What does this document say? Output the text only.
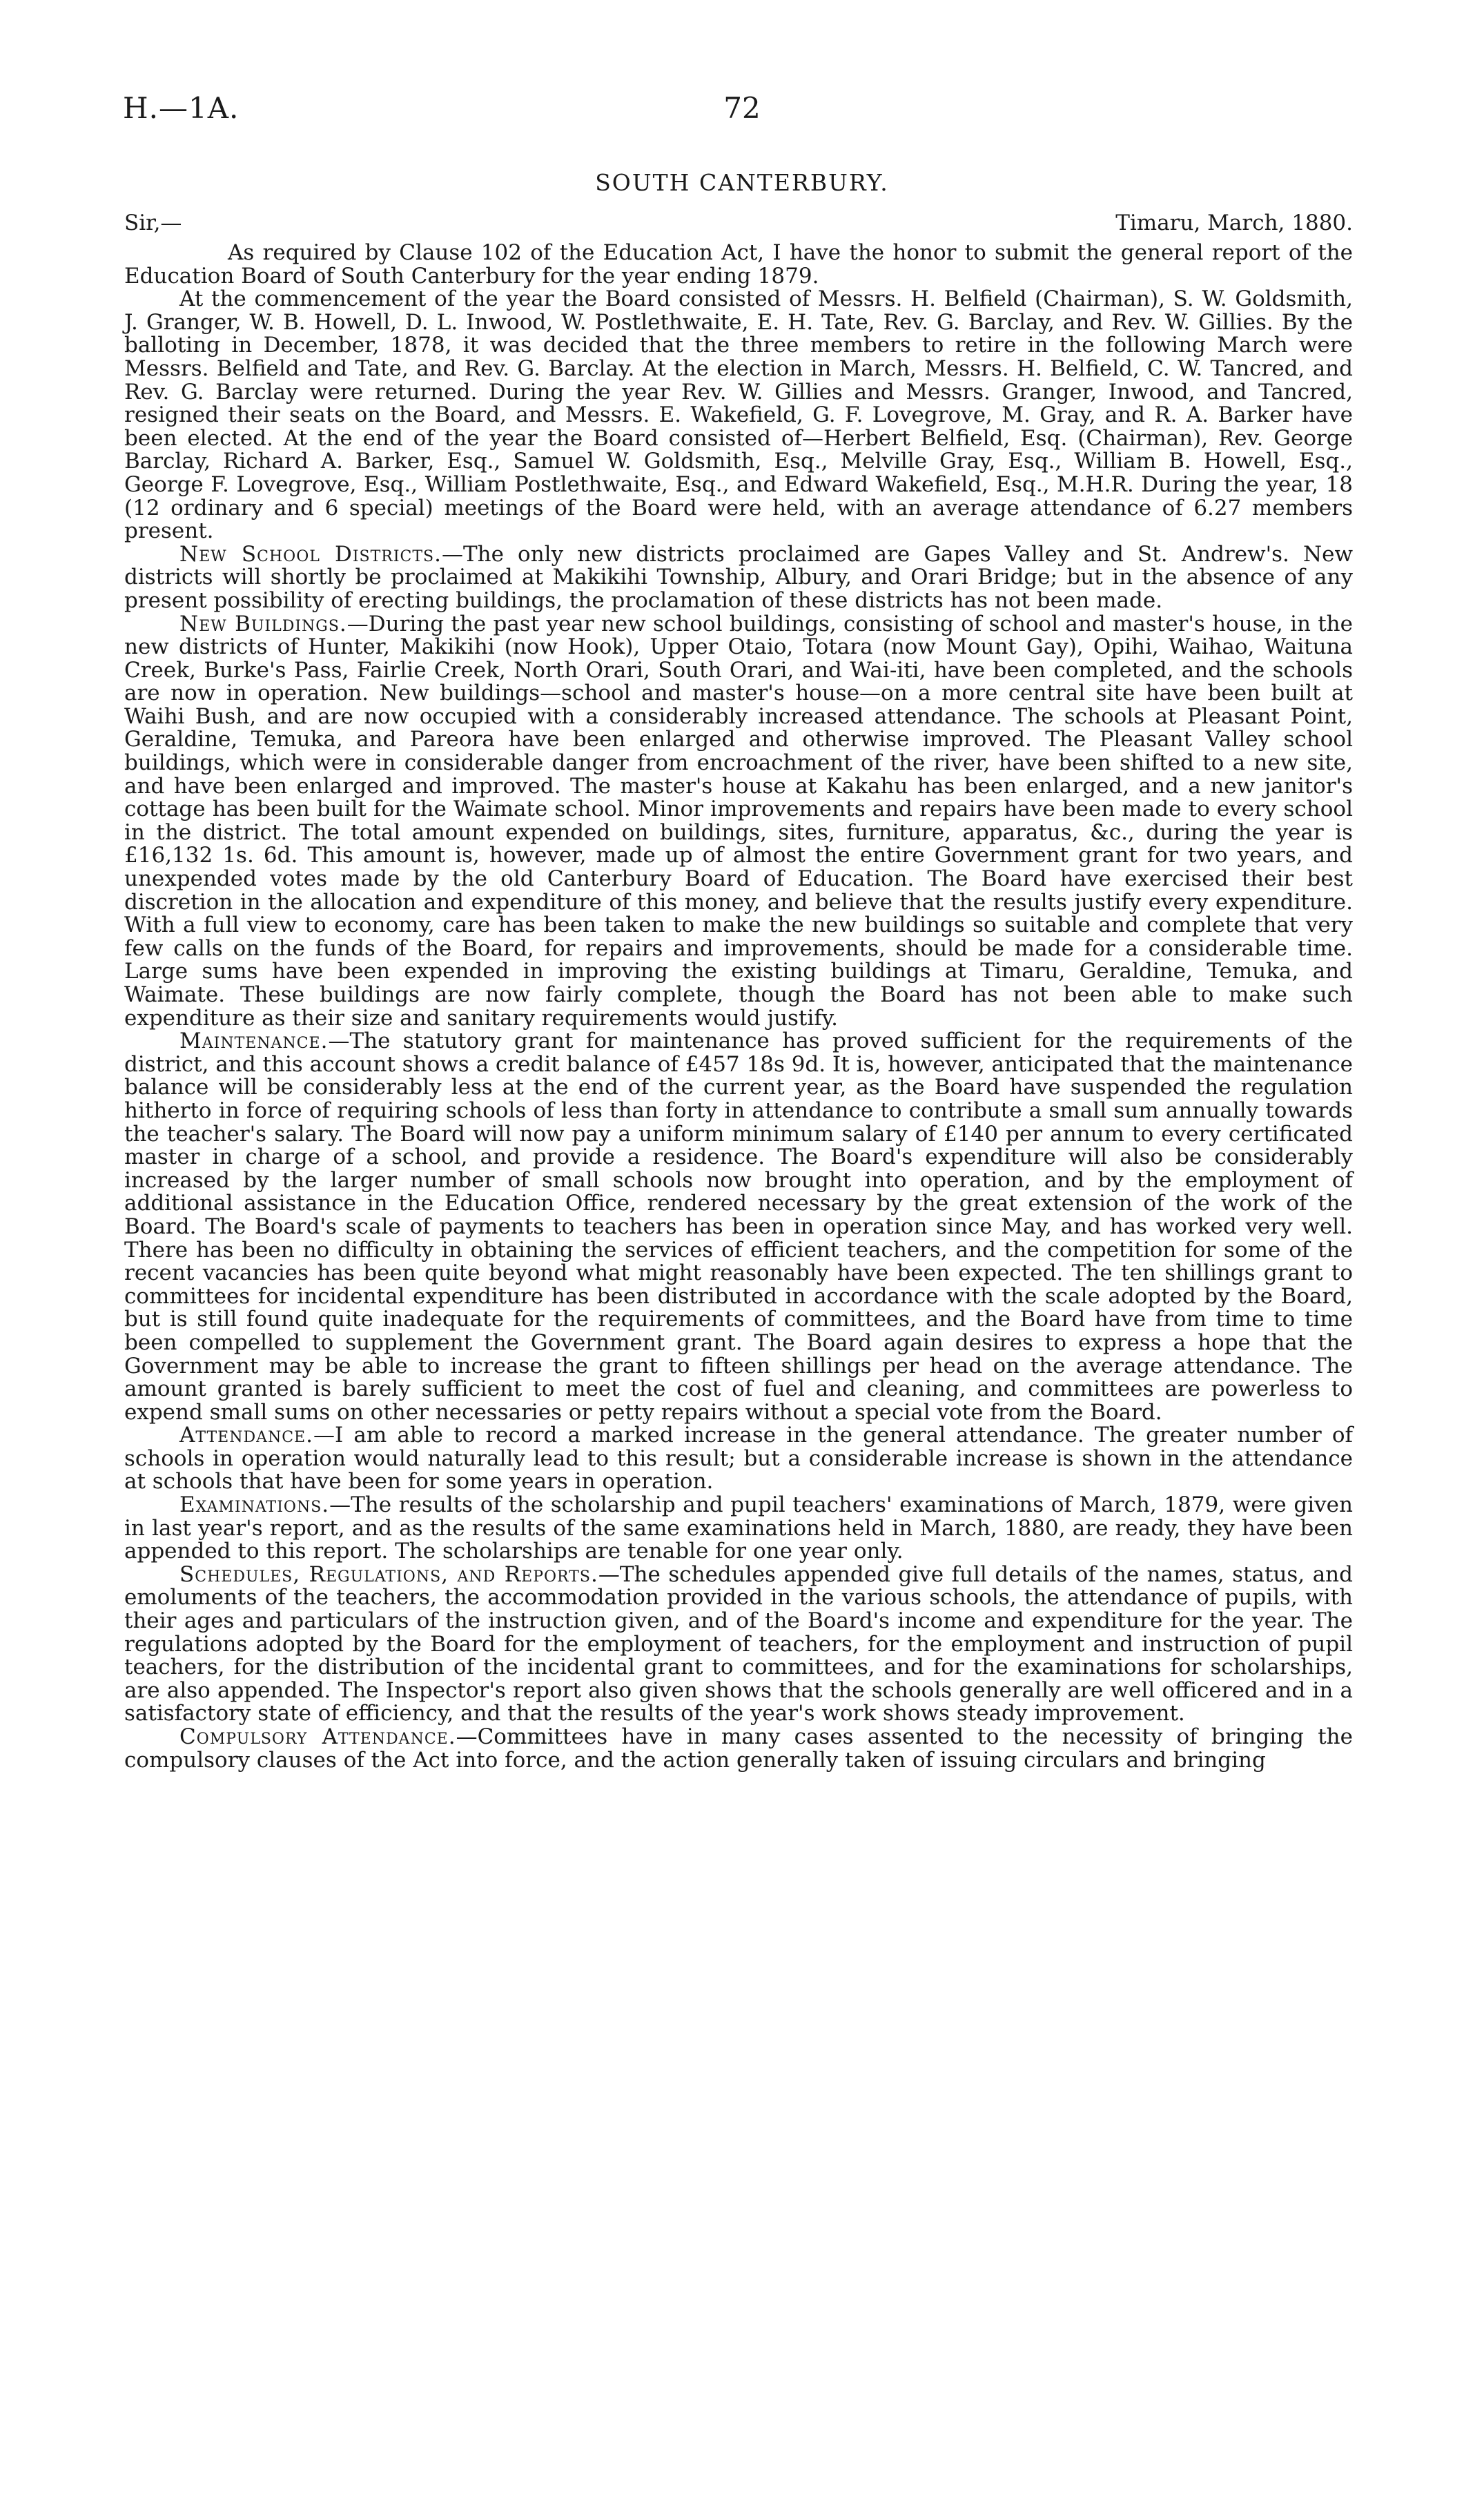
H.—1A.	72
SOUTH CANTERBURY.
Sir,—	Timaru, March, 1880.

As required by Clause 102 of the Education Act, I have the honor to submit the general report of the Education Board of South Canterbury for the year ending 1879.

At the commencement of the year the Board consisted of Messrs. H. Belfield (Chairman), S. W. Goldsmith, J. Granger, W. B. Howell, D. L. Inwood, W. Postlethwaite, E. H. Tate, Rev. G. Barclay, and Rev. W. Gillies. By the balloting in December, 1878, it was decided that the three members to retire in the following March were Messrs. Belfield and Tate, and Rev. G. Barclay. At the election in March, Messrs. H. Belfield, C. W. Tancred, and Rev. G. Barclay were returned. During the year Rev. W. Gillies and Messrs. Granger, Inwood, and Tancred, resigned their seats on the Board, and Messrs. E. Wakefield, G. F. Lovegrove, M. Gray, and R. A. Barker have been elected. At the end of the year the Board consisted of—Herbert Belfield, Esq. (Chairman), Rev. George Barclay, Richard A. Barker, Esq., Samuel W. Goldsmith, Esq., Melville Gray, Esq., William B. Howell, Esq., George F. Lovegrove, Esq., William Postlethwaite, Esq., and Edward Wakefield, Esq., M.H.R. During the year, 18 (12 ordinary and 6 special) meetings of the Board were held, with an average attendance of 6.27 members present.

New School Districts.—The only new districts proclaimed are Gapes Valley and St. Andrew's. New districts will shortly be proclaimed at Makikihi Township, Albury, and Orari Bridge; but in the absence of any present possibility of erecting buildings, the proclamation of these districts has not been made.

New Buildings.—During the past year new school buildings, consisting of school and master's house, in the new districts of Hunter, Makikihi (now Hook), Upper Otaio, Totara (now Mount Gay), Opihi, Waihao, Waituna Creek, Burke's Pass, Fairlie Creek, North Orari, South Orari, and Wai-iti, have been completed, and the schools are now in operation. New buildings—school and master's house—on a more central site have been built at Waihi Bush, and are now occupied with a considerably increased attendance. The schools at Pleasant Point, Geraldine, Temuka, and Pareora have been enlarged and otherwise improved. The Pleasant Valley school buildings, which were in considerable danger from encroachment of the river, have been shifted to a new site, and have been enlarged and improved. The master's house at Kakahu has been enlarged, and a new janitor's cottage has been built for the Waimate school. Minor improvements and repairs have been made to every school in the district. The total amount expended on buildings, sites, furniture, apparatus, &c., during the year is £16,132 1s. 6d. This amount is, however, made up of almost the entire Government grant for two years, and unexpended votes made by the old Canterbury Board of Education. The Board have exercised their best discretion in the allocation and expenditure of this money, and believe that the results justify every expenditure. With a full view to economy, care has been taken to make the new buildings so suitable and complete that very few calls on the funds of the Board, for repairs and improvements, should be made for a considerable time. Large sums have been expended in improving the existing buildings at Timaru, Geraldine, Temuka, and Waimate. These buildings are now fairly complete, though the Board has not been able to make such expenditure as their size and sanitary requirements would justify.

Maintenance.—The statutory grant for maintenance has proved sufficient for the requirements of the district, and this account shows a credit balance of £457 18s 9d. It is, however, anticipated that the maintenance balance will be considerably less at the end of the current year, as the Board have suspended the regulation hitherto in force of requiring schools of less than forty in attendance to contribute a small sum annually towards the teacher's salary. The Board will now pay a uniform minimum salary of £140 per annum to every certificated master in charge of a school, and provide a residence. The Board's expenditure will also be considerably increased by the larger number of small schools now brought into operation, and by the employment of additional assistance in the Education Office, rendered necessary by the great extension of the work of the Board. The Board's scale of payments to teachers has been in operation since May, and has worked very well. There has been no difficulty in obtaining the services of efficient teachers, and the competition for some of the recent vacancies has been quite beyond what might reasonably have been expected. The ten shillings grant to committees for incidental expenditure has been distributed in accordance with the scale adopted by the Board, but is still found quite inadequate for the requirements of committees, and the Board have from time to time been compelled to supplement the Government grant. The Board again desires to express a hope that the Government may be able to increase the grant to fifteen shillings per head on the average attendance. The amount granted is barely sufficient to meet the cost of fuel and cleaning, and committees are powerless to expend small sums on other necessaries or petty repairs without a special vote from the Board.

Attendance.—I am able to record a marked increase in the general attendance. The greater number of schools in operation would naturally lead to this result; but a considerable increase is shown in the attendance at schools that have been for some years in operation.

Examinations.—The results of the scholarship and pupil teachers' examinations of March, 1879, were given in last year's report, and as the results of the same examinations held in March, 1880, are ready, they have been appended to this report. The scholarships are tenable for one year only.

Schedules, Regulations, and Reports.—The schedules appended give full details of the names, status, and emoluments of the teachers, the accommodation provided in the various schools, the attendance of pupils, with their ages and particulars of the instruction given, and of the Board's income and expenditure for the year. The regulations adopted by the Board for the employment of teachers, for the employment and instruction of pupil teachers, for the distribution of the incidental grant to committees, and for the examinations for scholarships, are also appended. The Inspector's report also given shows that the schools generally are well officered and in a satisfactory state of efficiency, and that the results of the year's work shows steady improvement.

Compulsory Attendance.—Committees have in many cases assented to the necessity of bringing the compulsory clauses of the Act into force, and the action generally taken of issuing circulars and bringing
